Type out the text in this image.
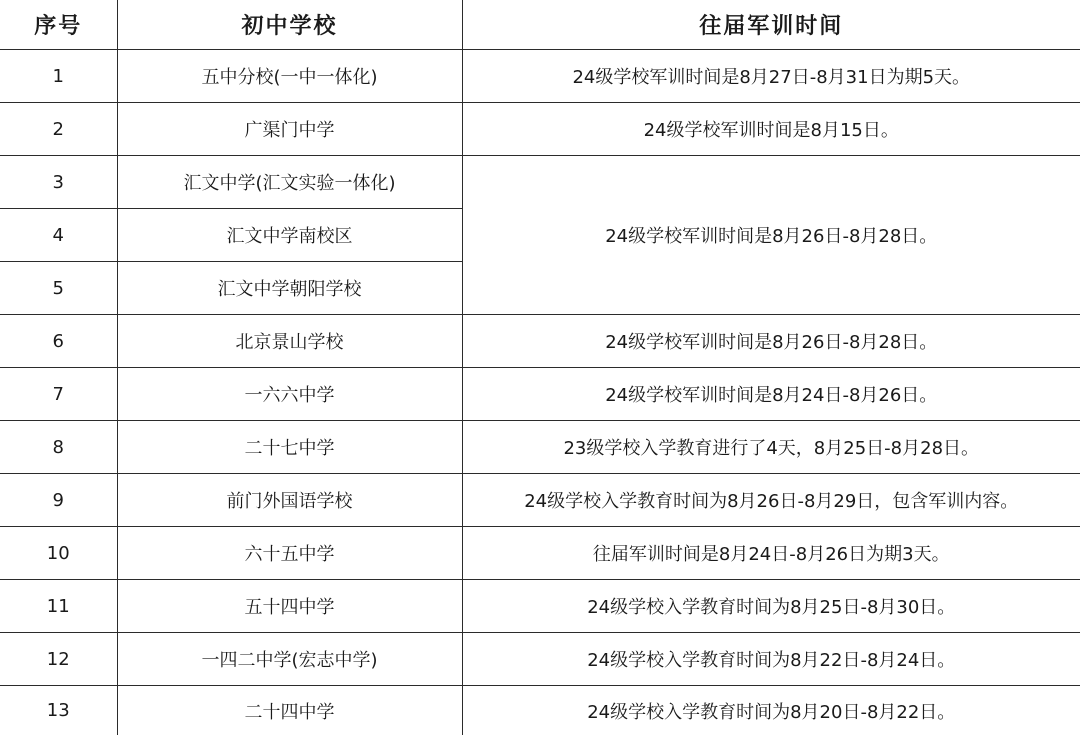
序号	初中学校	往届军训时间
1	五中分校(一中一体化)	24级学校军训时间是8月27日-8月31日为期5天。
2	广渠门中学	24级学校军训时间是8月15日。
3	汇文中学(汇文实验一体化)	24级学校军训时间是8月26日-8月28日。
4	汇文中学南校区	
5	汇文中学朝阳学校	
6	北京景山学校	24级学校军训时间是8月26日-8月28日。
7	一六六中学	24级学校军训时间是8月24日-8月26日。
8	二十七中学	23级学校入学教育进行了4天，8月25日-8月28日。
9	前门外国语学校	24级学校入学教育时间为8月26日-8月29日，包含军训内容。
10	六十五中学	往届军训时间是8月24日-8月26日为期3天。
11	五十四中学	24级学校入学教育时间为8月25日-8月30日。
12	一四二中学(宏志中学)	24级学校入学教育时间为8月22日-8月24日。
13	二十四中学	24级学校入学教育时间为8月20日-8月22日。
